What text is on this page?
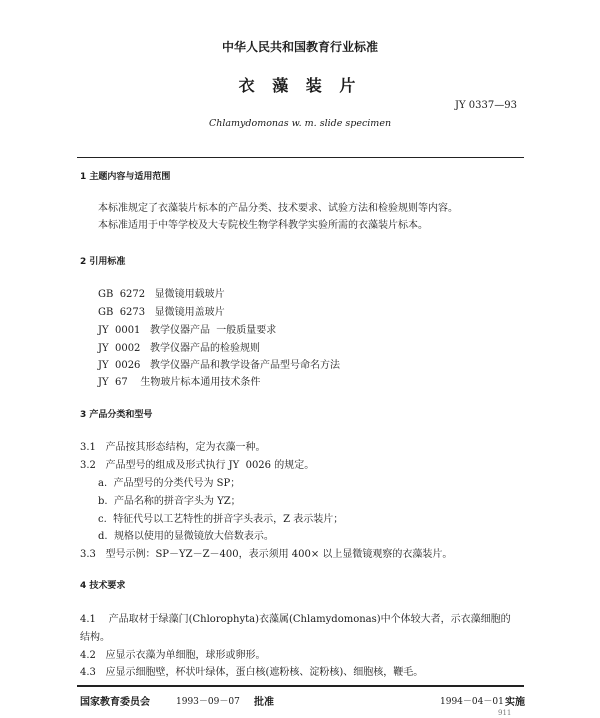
中华人民共和国教育行业标准
衣 藻 装 片
JY 0337—93
Chlamydomonas w. m. slide specimen
1 主题内容与适用范围
本标准规定了衣藻装片标本的产品分类、技术要求、试验方法和检验规则等内容。
本标准适用于中等学校及大专院校生物学科教学实验所需的衣藻装片标本。
2 引用标准
GB  6272   显微镜用载玻片
GB  6273   显微镜用盖玻片
JY  0001   教学仪器产品  一般质量要求
JY  0002   教学仪器产品的检验规则
JY  0026   教学仪器产品和教学设备产品型号命名方法
JY  67    生物玻片标本通用技术条件
3 产品分类和型号
3.1   产品按其形态结构，定为衣藻一种。
3.2   产品型号的组成及形式执行 JY  0026 的规定。
a.  产品型号的分类代号为 SP；
b.  产品名称的拼音字头为 YZ；
c.  特征代号以工艺特性的拼音字头表示，Z 表示装片；
d.  规格以使用的显微镜放大倍数表示。
3.3   型号示例：SP－YZ－Z－400，表示须用 400× 以上显微镜观察的衣藻装片。
4 技术要求
4.1    产品取材于绿藻门(Chlorophyta)衣藻属(Chlamydomonas)中个体较大者，示衣藻细胞的
结构。
4.2   应显示衣藻为单细胞，球形或卵形。
4.3   应显示细胞壁，杯状叶绿体，蛋白核(遮粉核、淀粉核)、细胞核，鞭毛。
国家教育委员会	1993－09－07 批准	1994－04－01 实施
911
